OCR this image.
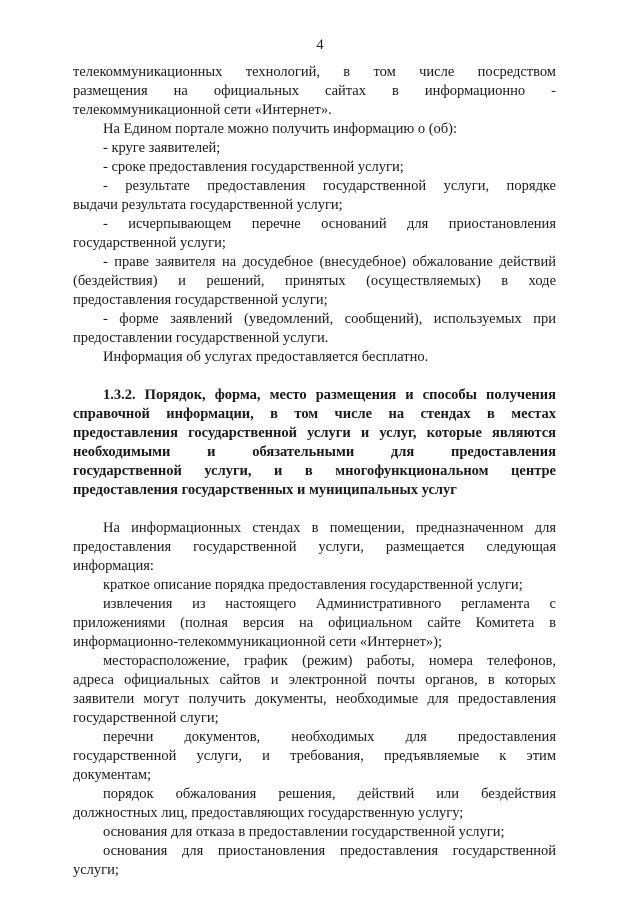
4
телекоммуникационных технологий, в том числе посредством
размещения на официальных сайтах в информационно -
телекоммуникационной сети «Интернет».
На Едином портале можно получить информацию о (об):
- круге заявителей;
- сроке предоставления государственной услуги;
- результате предоставления государственной услуги, порядке
выдачи результата государственной услуги;
- исчерпывающем перечне оснований для приостановления
государственной услуги;
- праве заявителя на досудебное (внесудебное) обжалование действий
(бездействия) и решений, принятых (осуществляемых) в ходе
предоставления государственной услуги;
- форме заявлений (уведомлений, сообщений), используемых при
предоставлении государственной услуги.
Информация об услугах предоставляется бесплатно.
1.3.2. Порядок, форма, место размещения и способы получения
справочной информации, в том числе на стендах в местах
предоставления государственной услуги и услуг, которые являются
необходимыми и обязательными для предоставления
государственной услуги, и в многофункциональном центре
предоставления государственных и муниципальных услуг
На информационных стендах в помещении, предназначенном для
предоставления государственной услуги, размещается следующая
информация:
краткое описание порядка предоставления государственной услуги;
извлечения из настоящего Административного регламента с
приложениями (полная версия на официальном сайте Комитета в
информационно-телекоммуникационной сети «Интернет»);
месторасположение, график (режим) работы, номера телефонов,
адреса официальных сайтов и электронной почты органов, в которых
заявители могут получить документы, необходимые для предоставления
государственной слуги;
перечни документов, необходимых для предоставления
государственной услуги, и требования, предъявляемые к этим
документам;
порядок обжалования решения, действий или бездействия
должностных лиц, предоставляющих государственную услугу;
основания для отказа в предоставлении государственной услуги;
основания для приостановления предоставления государственной
услуги;
